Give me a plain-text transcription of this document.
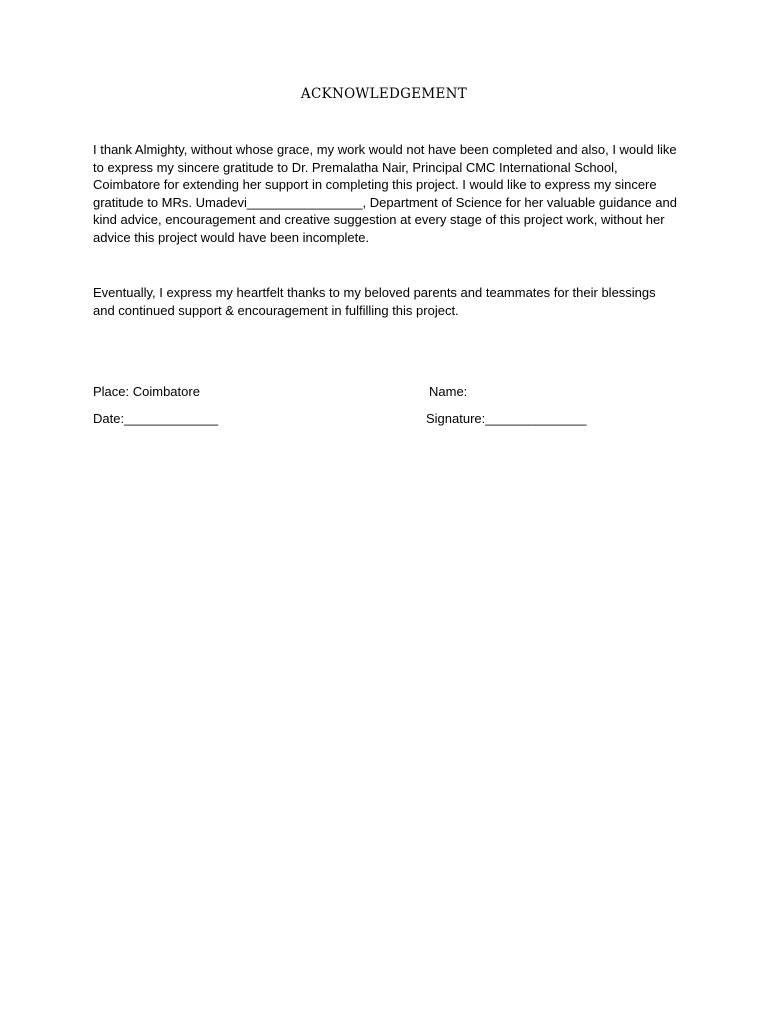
ACKNOWLEDGEMENT
I thank Almighty, without whose grace, my work would not have been completed and also, I would like to express my sincere gratitude to Dr. Premalatha Nair, Principal CMC International School, Coimbatore for extending her support in completing this project. I would like to express my sincere gratitude to MRs. Umadevi________________, Department of Science for her valuable guidance and kind advice, encouragement and creative suggestion at every stage of this project work, without her advice this project would have been incomplete.
Eventually, I express my heartfelt thanks to my beloved parents and teammates for their blessings and continued support & encouragement in fulfilling this project.
Place: Coimbatore	Name:
Date:_____________	Signature:______________
